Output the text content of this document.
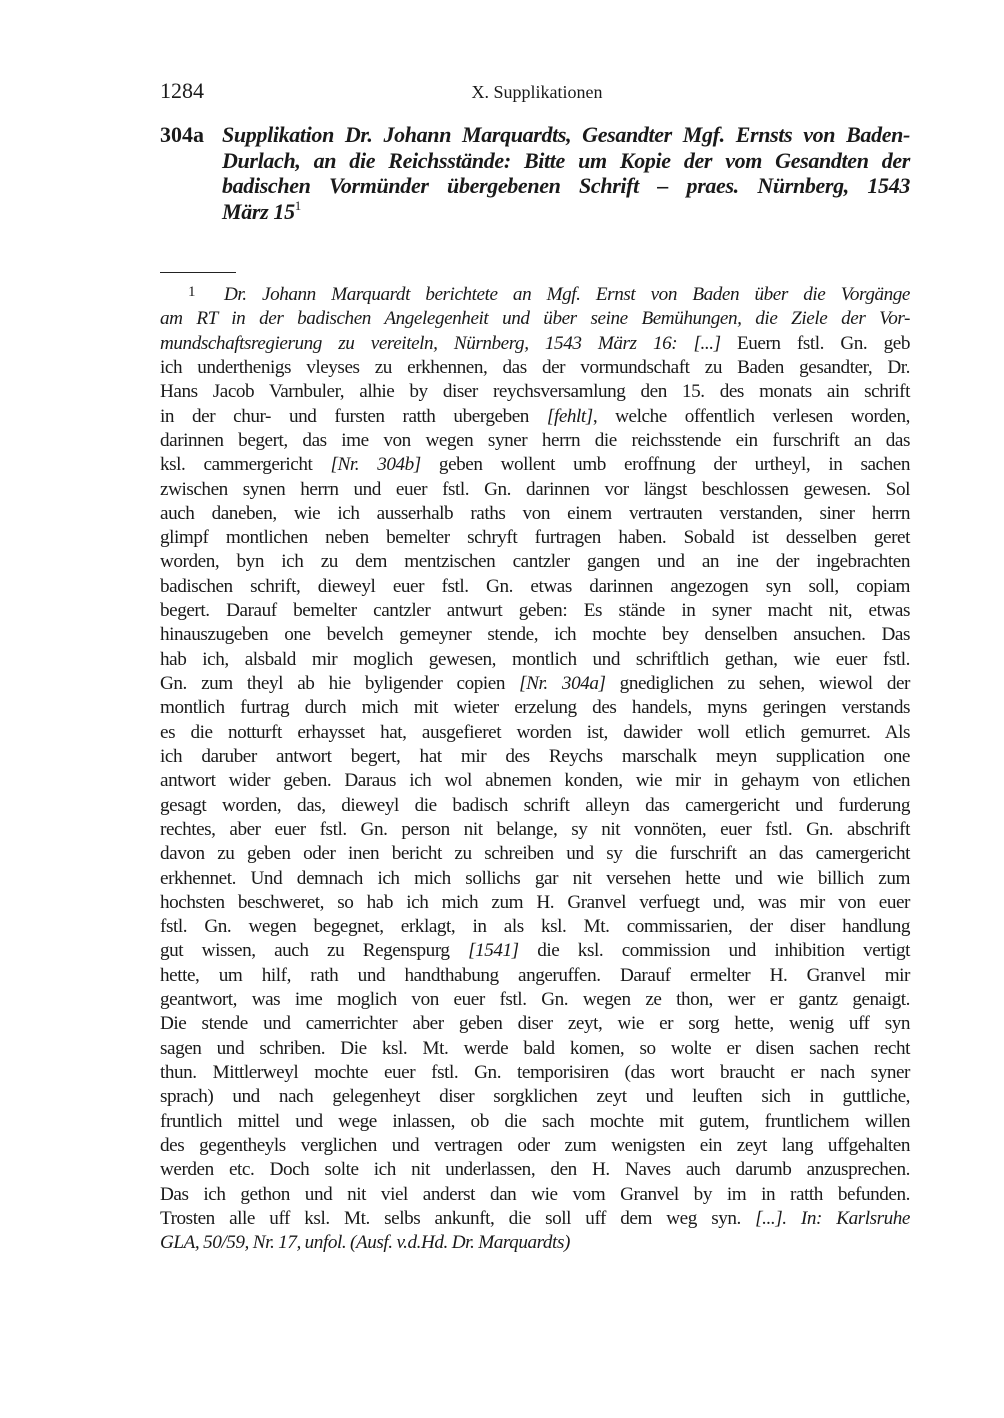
1284	X. Supplikationen
304a Supplikation Dr. Johann Marquardts, Gesandter Mgf. Ernsts von Baden-
Durlach, an die Reichsstände: Bitte um Kopie der vom Gesandten der
badischen Vormünder übergebenen Schrift – praes. Nürnberg, 1543
März $15^1$
1 Dr. Johann Marquardt berichtete an Mgf. Ernst von Baden über die Vorgänge
am RT in der badischen Angelegenheit und über seine Bemühungen, die Ziele der Vor-
mundschaftsregierung zu vereiteln, Nürnberg, 1543 März 16: [...] Euern fstl. Gn. geb
ich underthenigs vleyses zu erkhennen, das der vormundschaft zu Baden gesandter, Dr.
Hans Jacob Varnbuler, alhie by diser reychsversamlung den 15. des monats ain schrift
in der chur- und fursten ratth ubergeben [fehlt], welche offentlich verlesen worden,
darinnen begert, das ime von wegen syner herrn die reichsstende ein furschrift an das
ksl. cammergericht [Nr. 304b] geben wollent umb eroffnung der urtheyl, in sachen
zwischen synen herrn und euer fstl. Gn. darinnen vor längst beschlossen gewesen. Sol
auch daneben, wie ich ausserhalb raths von einem vertrauten verstanden, siner herrn
glimpf montlichen neben bemelter schryft furtragen haben. Sobald ist desselben geret
worden, byn ich zu dem mentzischen cantzler gangen und an ine der ingebrachten
badischen schrift, dieweyl euer fstl. Gn. etwas darinnen angezogen syn soll, copiam
begert. Darauf bemelter cantzler antwurt geben: Es stände in syner macht nit, etwas
hinauszugeben one bevelch gemeyner stende, ich mochte bey denselben ansuchen. Das
hab ich, alsbald mir moglich gewesen, montlich und schriftlich gethan, wie euer fstl.
Gn. zum theyl ab hie byligender copien [Nr. 304a] gnediglichen zu sehen, wiewol der
montlich furtrag durch mich mit wieter erzelung des handels, myns geringen verstands
es die notturft erhaysset hat, ausgefieret worden ist, dawider woll etlich gemurret. Als
ich daruber antwort begert, hat mir des Reychs marschalk meyn supplication one
antwort wider geben. Daraus ich wol abnemen konden, wie mir in gehaym von etlichen
gesagt worden, das, dieweyl die badisch schrift alleyn das camergericht und furderung
rechtes, aber euer fstl. Gn. person nit belange, sy nit vonnöten, euer fstl. Gn. abschrift
davon zu geben oder inen bericht zu schreiben und sy die furschrift an das camergericht
erkhennet. Und demnach ich mich sollichs gar nit versehen hette und wie billich zum
hochsten beschweret, so hab ich mich zum H. Granvel verfuegt und, was mir von euer
fstl. Gn. wegen begegnet, erklagt, in als ksl. Mt. commissarien, der diser handlung
gut wissen, auch zu Regenspurg [1541] die ksl. commission und inhibition vertigt
hette, um hilf, rath und handthabung angeruffen. Darauf ermelter H. Granvel mir
geantwort, was ime moglich von euer fstl. Gn. wegen ze thon, wer er gantz genaigt.
Die stende und camerrichter aber geben diser zeyt, wie er sorg hette, wenig uff syn
sagen und schriben. Die ksl. Mt. werde bald komen, so wolte er disen sachen recht
thun. Mittlerweyl mochte euer fstl. Gn. temporisiren (das wort braucht er nach syner
sprach) und nach gelegenheyt diser sorgklichen zeyt und leuften sich in guttliche,
fruntlich mittel und wege inlassen, ob die sach mochte mit gutem, fruntlichem willen
des gegentheyls verglichen und vertragen oder zum wenigsten ein zeyt lang uffgehalten
werden etc. Doch solte ich nit underlassen, den H. Naves auch darumb anzusprechen.
Das ich gethon und nit viel anderst dan wie vom Granvel by im in ratth befunden.
Trosten alle uff ksl. Mt. selbs ankunft, die soll uff dem weg syn. [...]. In: Karlsruhe
GLA, 50/59, Nr. 17, unfol. (Ausf. v.d.Hd. Dr. Marquardts)
